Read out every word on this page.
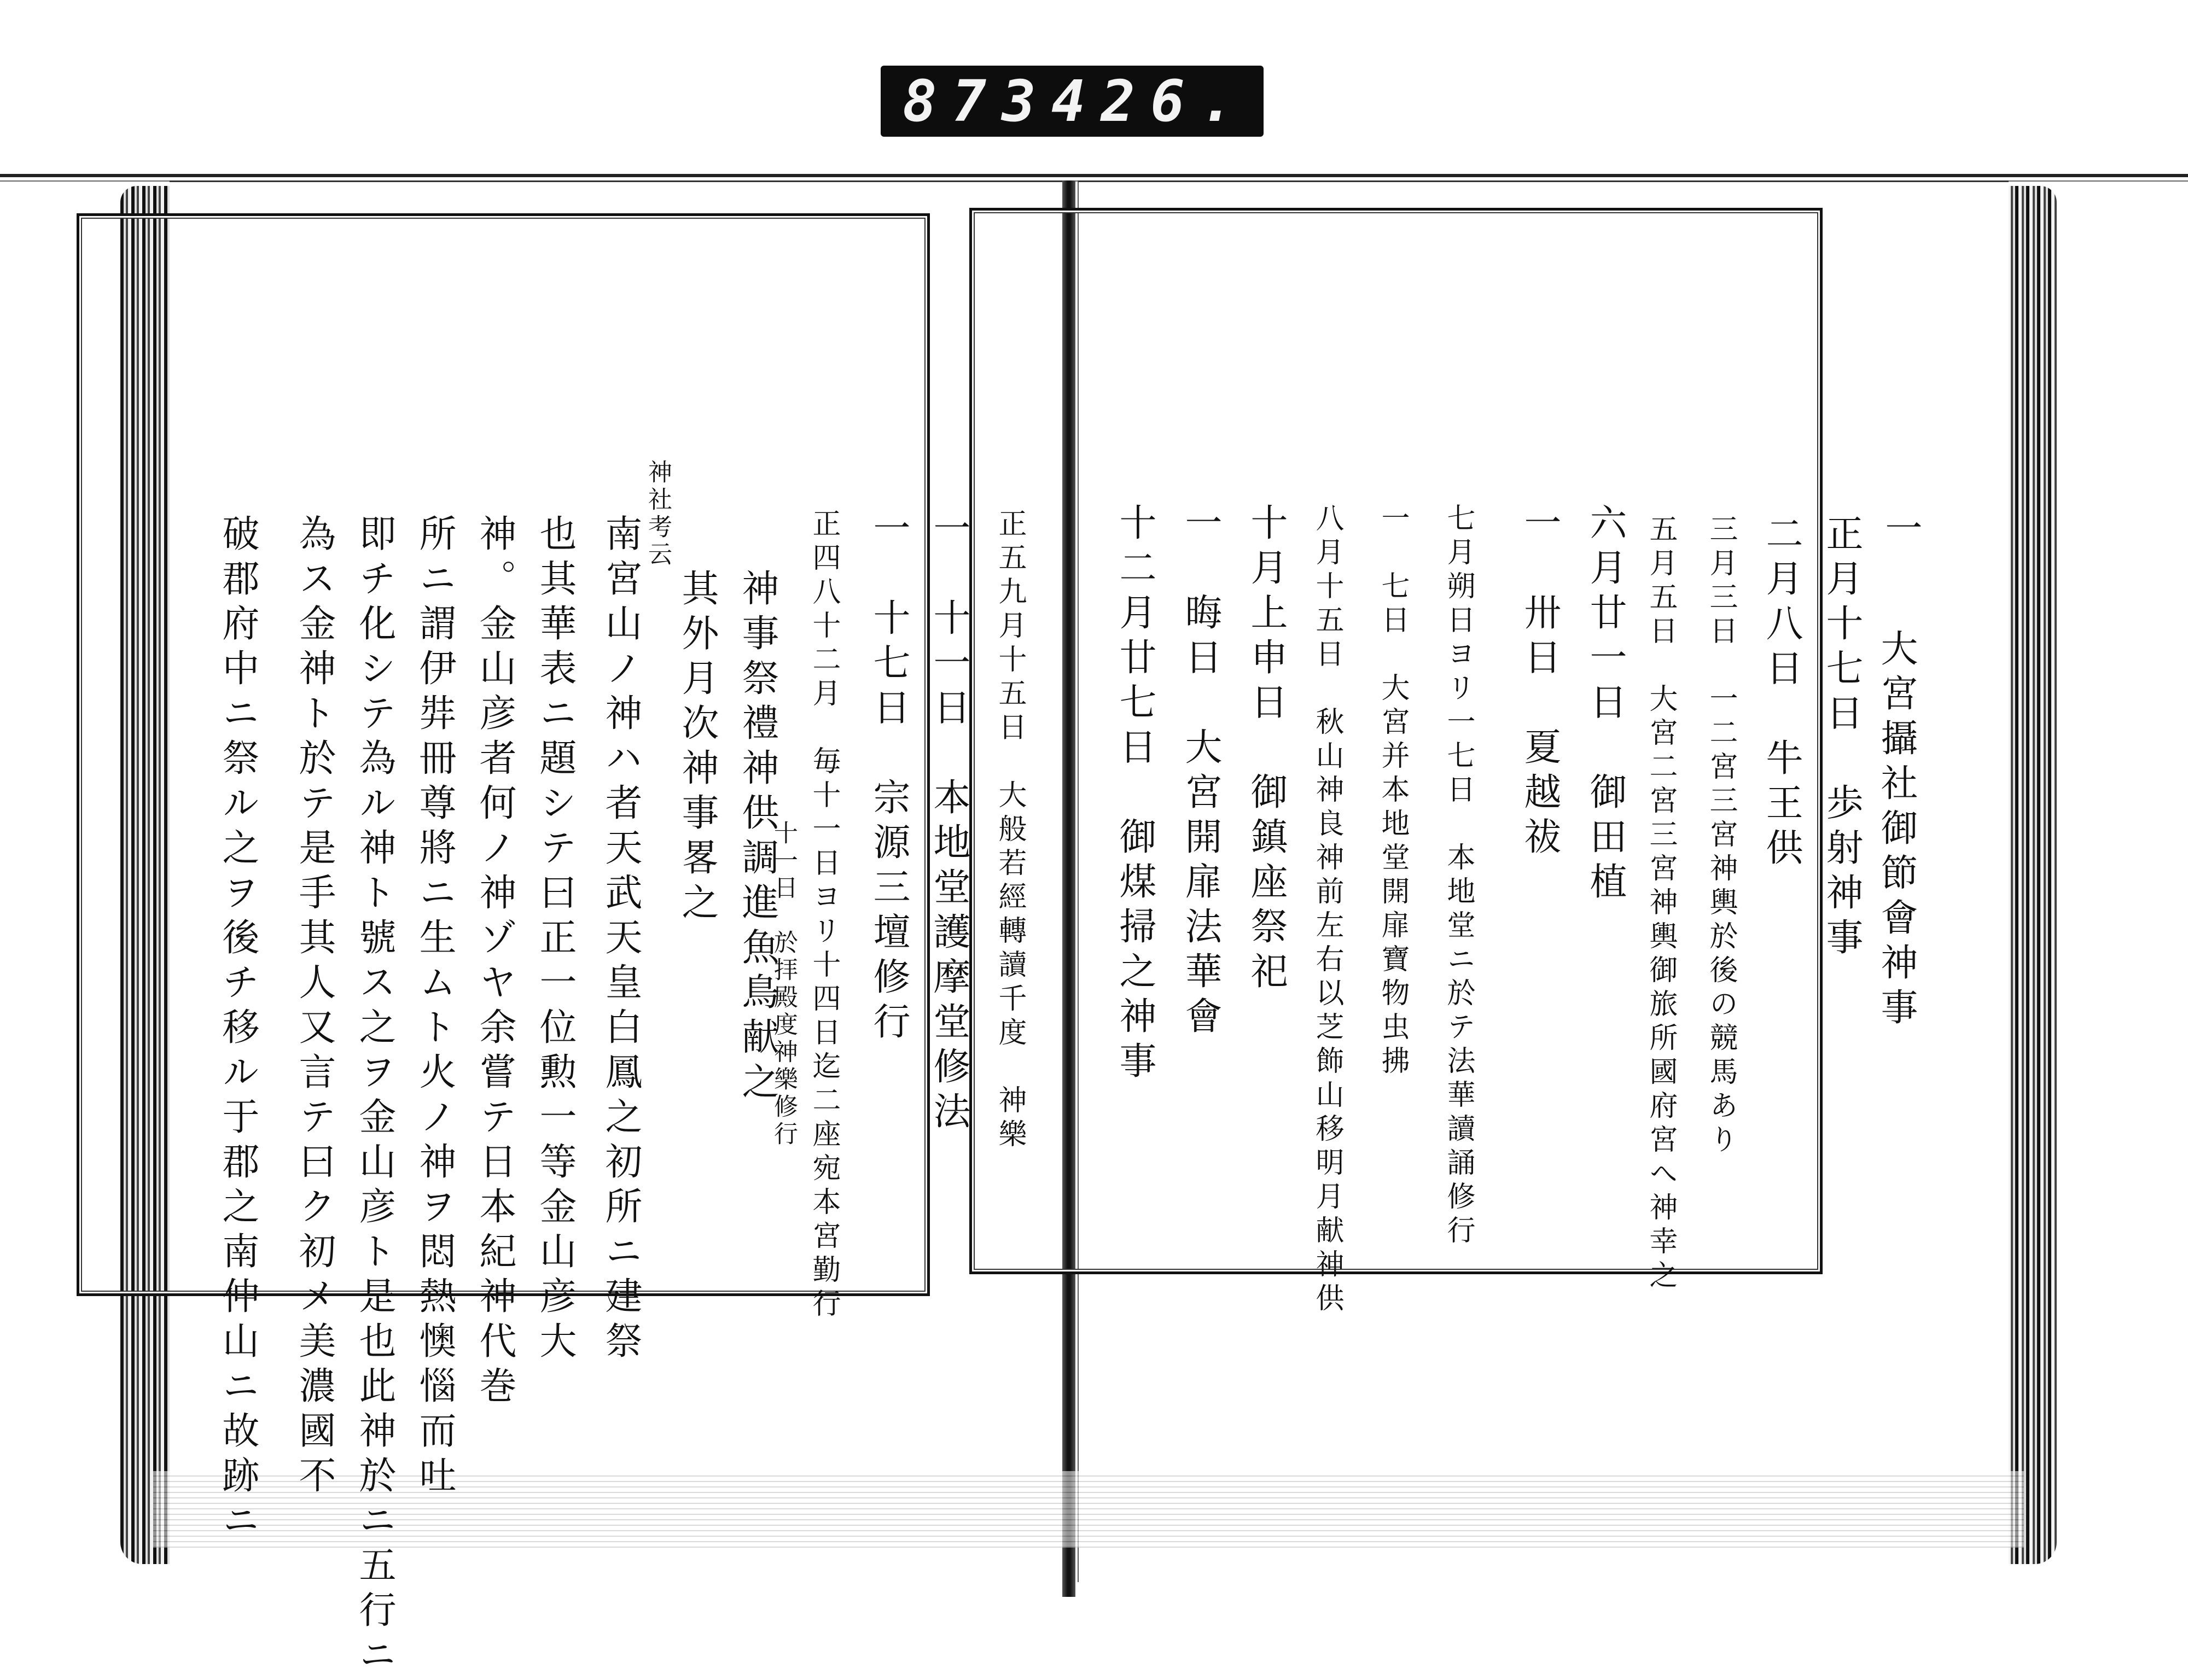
873 426.
一
大宮攝社御節會神事
正月十七日　歩射神事
二月八日　牛王供
三月三日　一二宮三宮神輿於後の競馬あり
五月五日　大宮二宮三宮神輿御旅所國府宮へ神幸之
六月廿一日　御田植
一　卅日　夏越祓
七月朔日ヨリ一七日　本地堂ニ於テ法華讀誦修行
一　七日　大宮并本地堂開扉寶物虫拂
八月十五日　秋山神良神前左右以芝飾山移明月献神供
十月上申日　御鎮座祭祀
一　晦日　大宮開扉法華會
十二月廿七日　御煤掃之神事
正五九月十五日　大般若經轉讀千度　神樂
一　十一日　本地堂護摩堂修法
一　十七日　宗源三壇修行
正四八十二月　毎十一日ヨリ十四日迄二座宛本宮勤行
十一日　於拝殿度神樂修行
神事祭禮神供調進魚鳥献之
其外月次神事畧之
神社考云
南宮山ノ神ハ者天武天皇白鳳之初所ニ建祭
也其華表ニ題シテ曰正一位勲一等金山彦大
神。金山彦者何ノ神ゾヤ余嘗テ日本紀神代巻
所ニ謂伊弉冊尊將ニ生ムト火ノ神ヲ悶熱懊惱而吐
即チ化シテ為ル神ト號ス之ヲ金山彦ト是也此神於ニ五行ニ
為ス金神ト於テ是手其人又言テ曰ク初メ美濃國不
破郡府中ニ祭ル之ヲ後チ移ル于郡之南仲山ニ故跡ニ
